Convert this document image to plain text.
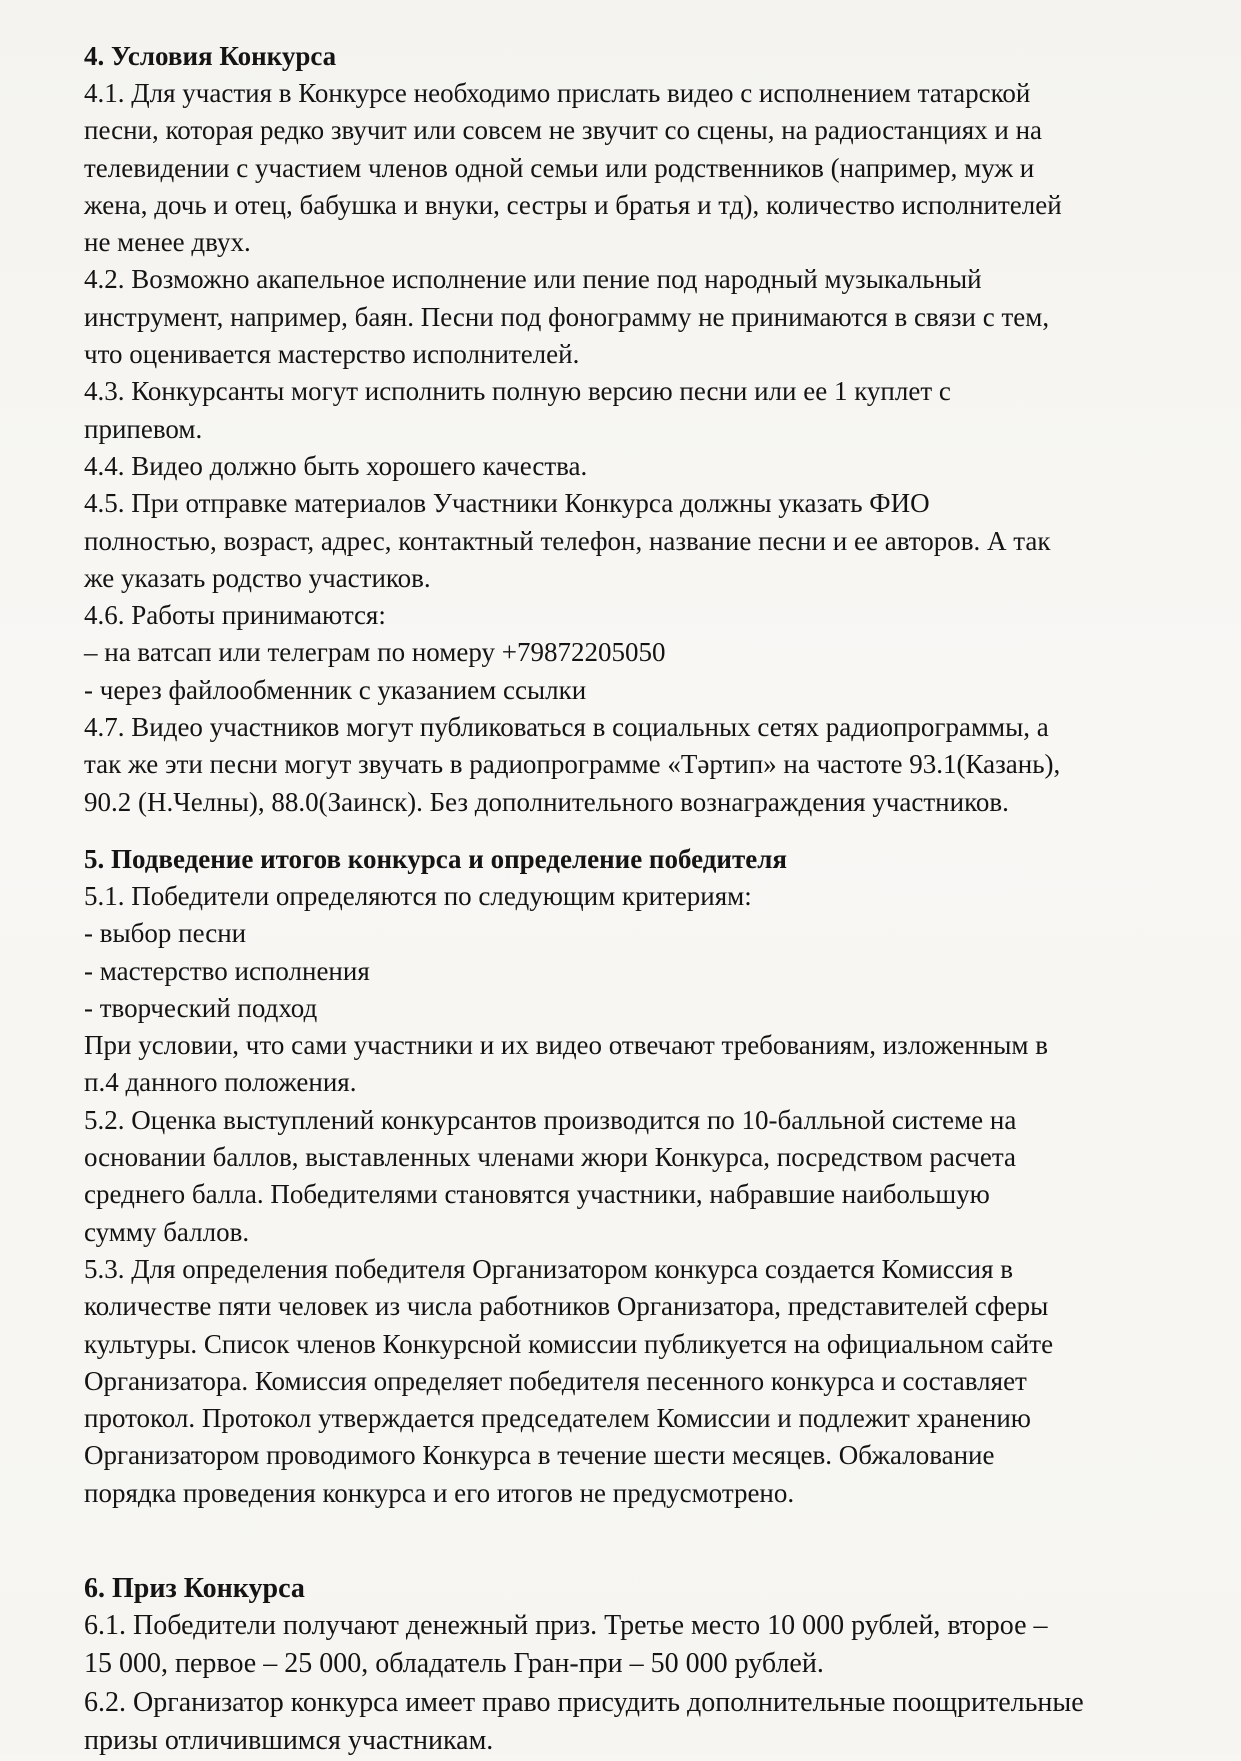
4. Условия Конкурса
4.1. Для участия в Конкурсе необходимо прислать видео с исполнением татарской
песни, которая редко звучит или совсем не звучит со сцены, на радиостанциях и на
телевидении с участием членов одной семьи или родственников (например, муж и
жена, дочь и отец, бабушка и внуки, сестры и братья и тд), количество исполнителей
не менее двух.
4.2. Возможно акапельное исполнение или пение под народный музыкальный
инструмент, например, баян. Песни под фонограмму не принимаются в связи с тем,
что оценивается мастерство исполнителей.
4.3. Конкурсанты могут исполнить полную версию песни или ее 1 куплет с
припевом.
4.4. Видео должно быть хорошего качества.
4.5. При отправке материалов Участники Конкурса должны указать ФИО
полностью, возраст, адрес, контактный телефон, название песни и ее авторов. А так
же указать родство участиков.
4.6. Работы принимаются:
– на ватсап или телеграм по номеру +79872205050
- через файлообменник с указанием ссылки
4.7. Видео участников могут публиковаться в социальных сетях радиопрограммы, а
так же эти песни могут звучать в радиопрограмме «Тәртип» на частоте 93.1(Казань),
90.2 (Н.Челны), 88.0(Заинск). Без дополнительного вознаграждения участников.
5. Подведение итогов конкурса и определение победителя
5.1. Победители определяются по следующим критериям:
- выбор песни
- мастерство исполнения
- творческий подход
При условии, что сами участники и их видео отвечают требованиям, изложенным в
п.4 данного положения.
5.2. Оценка выступлений конкурсантов производится по 10-балльной системе на
основании баллов, выставленных членами жюри Конкурса, посредством расчета
среднего балла. Победителями становятся участники, набравшие наибольшую
сумму баллов.
5.3. Для определения победителя Организатором конкурса создается Комиссия в
количестве пяти человек из числа работников Организатора, представителей сферы
культуры. Список членов Конкурсной комиссии публикуется на официальном сайте
Организатора. Комиссия определяет победителя песенного конкурса и составляет
протокол. Протокол утверждается председателем Комиссии и подлежит хранению
Организатором проводимого Конкурса в течение шести месяцев. Обжалование
порядка проведения конкурса и его итогов не предусмотрено.
6. Приз Конкурса
6.1. Победители получают денежный приз. Третье место 10 000 рублей, второе –
15 000, первое – 25 000, обладатель Гран-при – 50 000 рублей.
6.2. Организатор конкурса имеет право присудить дополнительные поощрительные
призы отличившимся участникам.
